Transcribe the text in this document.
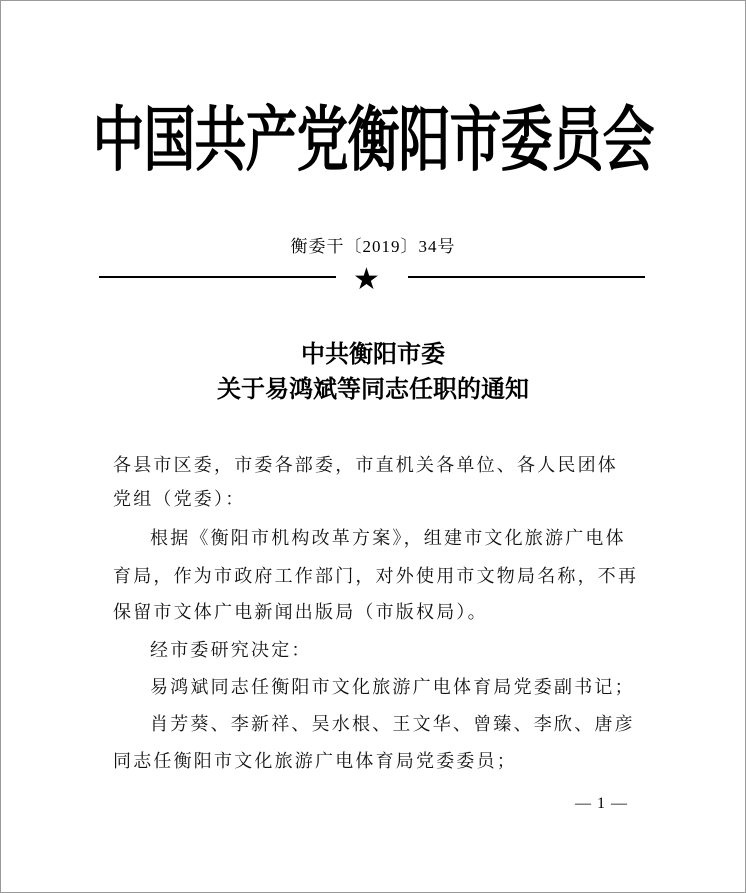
中国共产党衡阳市委员会
衡委干〔2019〕34号
★
中共衡阳市委
关于易鸿斌等同志任职的通知
各县市区委，市委各部委，市直机关各单位、各人民团体
党组（党委）：
根据《衡阳市机构改革方案》，组建市文化旅游广电体
育局，作为市政府工作部门，对外使用市文物局名称，不再
保留市文体广电新闻出版局（市版权局）。
经市委研究决定：
易鸿斌同志任衡阳市文化旅游广电体育局党委副书记；
肖芳葵、李新祥、吴水根、王文华、曾臻、李欣、唐彦
同志任衡阳市文化旅游广电体育局党委委员；
— 1 —
